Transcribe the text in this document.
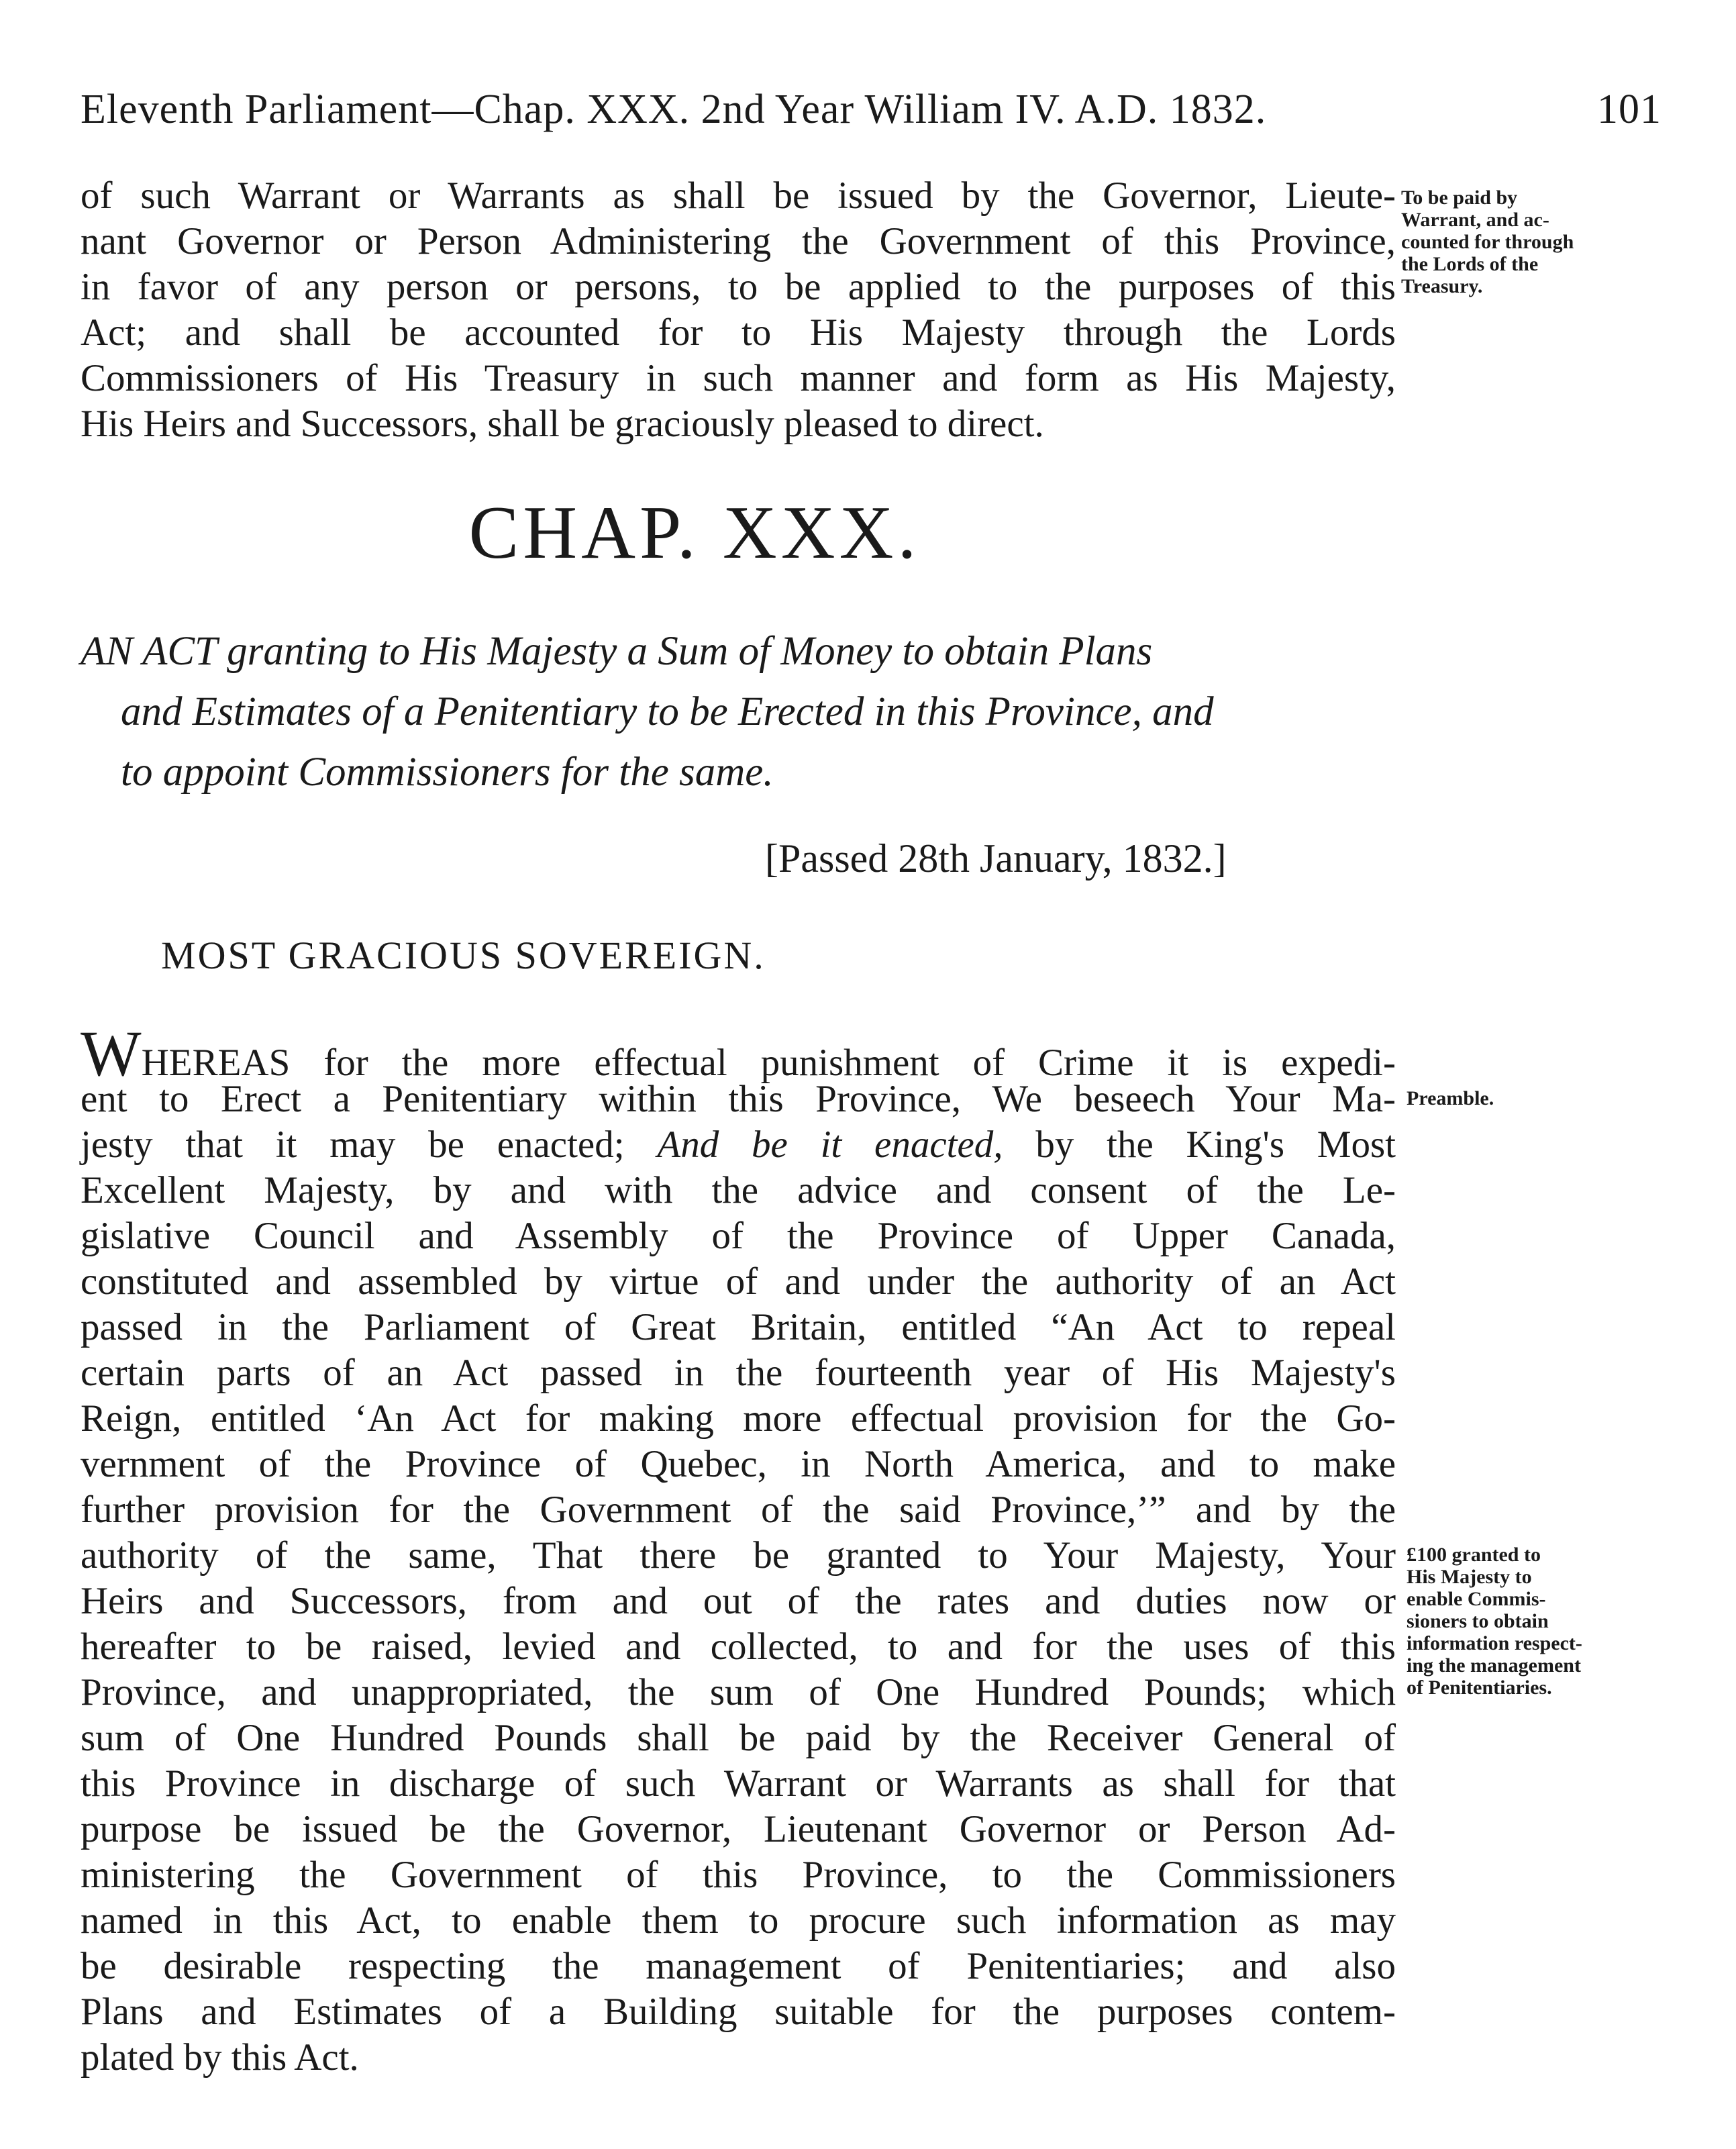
Eleventh Parliament—Chap. XXX. 2nd Year William IV. A.D. 1832.	101
of such Warrant or Warrants as shall be issued by the Governor, Lieute-
nant Governor or Person Administering the Government of this Province,
in favor of any person or persons, to be applied to the purposes of this
Act; and shall be accounted for to His Majesty through the Lords
Commissioners of His Treasury in such manner and form as His Majesty,
His Heirs and Successors, shall be graciously pleased to direct.
To be paid by
Warrant, and ac-
counted for through
the Lords of the
Treasury.
CHAP. XXX.
AN ACT granting to His Majesty a Sum of Money to obtain Plans
and Estimates of a Penitentiary to be Erected in this Province, and
to appoint Commissioners for the same.
[Passed 28th January, 1832.]
MOST GRACIOUS SOVEREIGN.
WHEREAS for the more effectual punishment of Crime it is expedi-
ent to Erect a Penitentiary within this Province, We beseech Your Ma-
jesty that it may be enacted; And be it enacted, by the King's Most
Excellent Majesty, by and with the advice and consent of the Le-
gislative Council and Assembly of the Province of Upper Canada,
constituted and assembled by virtue of and under the authority of an Act
passed in the Parliament of Great Britain, entitled “An Act to repeal
certain parts of an Act passed in the fourteenth year of His Majesty's
Reign, entitled ‘An Act for making more effectual provision for the Go-
vernment of the Province of Quebec, in North America, and to make
further provision for the Government of the said Province,’” and by the
authority of the same, That there be granted to Your Majesty, Your
Heirs and Successors, from and out of the rates and duties now or
hereafter to be raised, levied and collected, to and for the uses of this
Province, and unappropriated, the sum of One Hundred Pounds; which
sum of One Hundred Pounds shall be paid by the Receiver General of
this Province in discharge of such Warrant or Warrants as shall for that
purpose be issued be the Governor, Lieutenant Governor or Person Ad-
ministering the Government of this Province, to the Commissioners
named in this Act, to enable them to procure such information as may
be desirable respecting the management of Penitentiaries; and also
Plans and Estimates of a Building suitable for the purposes contem-
plated by this Act.
Preamble.
£100 granted to
His Majesty to
enable Commis-
sioners to obtain
information respect-
ing the management
of Penitentiaries.
